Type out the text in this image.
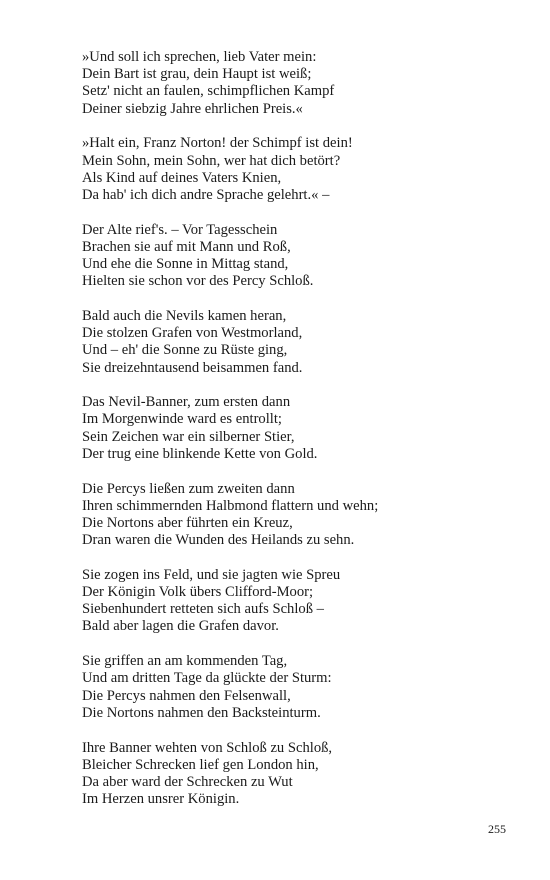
»Und soll ich sprechen, lieb Vater mein:
Dein Bart ist grau, dein Haupt ist weiß;
Setz' nicht an faulen, schimpflichen Kampf
Deiner siebzig Jahre ehrlichen Preis.«
»Halt ein, Franz Norton! der Schimpf ist dein!
Mein Sohn, mein Sohn, wer hat dich betört?
Als Kind auf deines Vaters Knien,
Da hab' ich dich andre Sprache gelehrt.« –
Der Alte rief's. – Vor Tagesschein
Brachen sie auf mit Mann und Roß,
Und ehe die Sonne in Mittag stand,
Hielten sie schon vor des Percy Schloß.
Bald auch die Nevils kamen heran,
Die stolzen Grafen von Westmorland,
Und – eh' die Sonne zu Rüste ging,
Sie dreizehntausend beisammen fand.
Das Nevil-Banner, zum ersten dann
Im Morgenwinde ward es entrollt;
Sein Zeichen war ein silberner Stier,
Der trug eine blinkende Kette von Gold.
Die Percys ließen zum zweiten dann
Ihren schimmernden Halbmond flattern und wehn;
Die Nortons aber führten ein Kreuz,
Dran waren die Wunden des Heilands zu sehn.
Sie zogen ins Feld, und sie jagten wie Spreu
Der Königin Volk übers Clifford-Moor;
Siebenhundert retteten sich aufs Schloß –
Bald aber lagen die Grafen davor.
Sie griffen an am kommenden Tag,
Und am dritten Tage da glückte der Sturm:
Die Percys nahmen den Felsenwall,
Die Nortons nahmen den Backsteinturm.
Ihre Banner wehten von Schloß zu Schloß,
Bleicher Schrecken lief gen London hin,
Da aber ward der Schrecken zu Wut
Im Herzen unsrer Königin.
255
